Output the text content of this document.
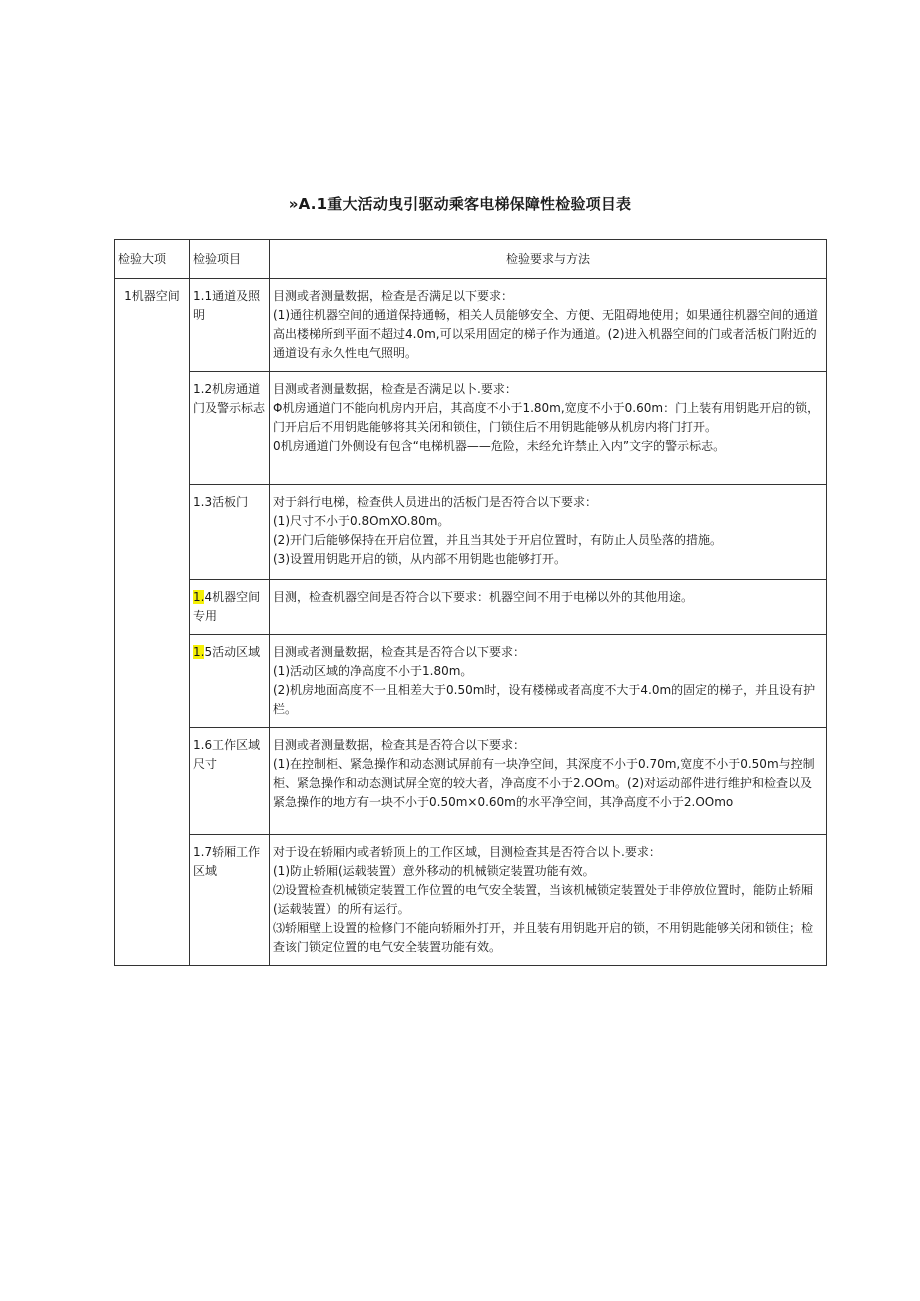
»A.1重大活动曳引驱动乘客电梯保障性检验项目表
检验大项	检验项目	检验要求与方法
1机器空间	1.1通道及照明	目测或者测量数据，检查是否满足以下要求：
(1)通往机器空间的通道保持通畅，相关人员能够安全、方便、无阻碍地使用；如果通往机器空间的通道高出楼梯所到平面不超过4.0m,可以采用固定的梯子作为通道。(2)进入机器空间的门或者活板门附近的通道设有永久性电气照明。

	1.2机房通道门及警示标志	目测或者测量数据，检查是否满足以卜.要求：
Φ机房通道门不能向机房内开启，其高度不小于1.80m,宽度不小于0.60m：门上装有用钥匙开启的锁，门开启后不用钥匙能够将其关闭和锁住，门锁住后不用钥匙能够从机房内将门打开。
0机房通道门外侧设有包含“电梯机器——危险，未经允许禁止入内”文字的警示标志。

	1.3活板门	对于斜行电梯，检查供人员进出的活板门是否符合以下要求：
(1)尺寸不小于0.8OmXO.80m。
(2)开门后能够保持在开启位置，并且当其处于开启位置时，有防止人员坠落的措施。
(3)设置用钥匙开启的锁，从内部不用钥匙也能够打开。

	1.4机器空间专用	目测，检查机器空间是否符合以下要求：机器空间不用于电梯以外的其他用途。

	1.5活动区域	目测或者测量数据，检查其是否符合以下要求：
(1)活动区域的净高度不小于1.80m。
(2)机房地面高度不一且相差大于0.50m时，设有楼梯或者高度不大于4.0m的固定的梯子，并且设有护栏。

	1.6工作区域尺寸	目测或者测量数据，检查其是否符合以下要求：
(1)在控制柜、紧急操作和动态测试屏前有一块净空间，其深度不小于0.70m,宽度不小于0.50m与控制柜、紧急操作和动态测试屏全宽的较大者，净高度不小于2.OOm。(2)对运动部件进行维护和检查以及紧急操作的地方有一块不小于0.50m×0.60m的水平净空间，其净高度不小于2.OOmo

	1.7轿厢工作区域	对于设在轿厢内或者轿顶上的工作区域，目测检查其是否符合以卜.要求：
(1)防止轿厢(运载装置）意外移动的机械锁定装置功能有效。
⑵设置检查机械锁定装置工作位置的电气安全装置，当该机械锁定装置处于非停放位置时，能防止轿厢(运载装置）的所有运行。
⑶轿厢壁上设置的检修门不能向轿厢外打开，并且装有用钥匙开启的锁，不用钥匙能够关闭和锁住；检查该门锁定位置的电气安全装置功能有效。
